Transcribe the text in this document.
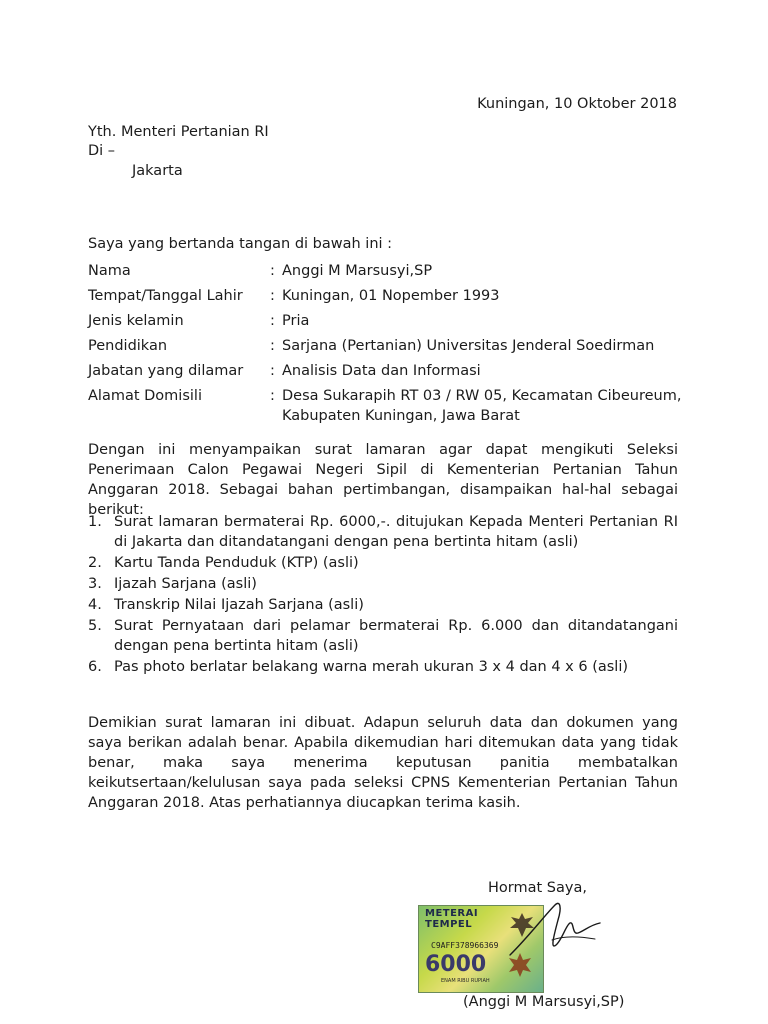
Kuningan, 10 Oktober 2018
Yth. Menteri Pertanian RI
Di –
Jakarta
Saya yang bertanda tangan di bawah ini :
Nama	: Anggi M Marsusyi,SP
Tempat/Tanggal Lahir	: Kuningan, 01 Nopember 1993
Jenis kelamin	: Pria
Pendidikan	: Sarjana (Pertanian) Universitas Jenderal Soedirman
Jabatan yang dilamar	: Analisis Data dan Informasi
Alamat Domisili	: Desa Sukarapih RT 03 / RW 05, Kecamatan Cibeureum, Kabupaten Kuningan, Jawa Barat
Dengan ini menyampaikan surat lamaran agar dapat mengikuti Seleksi Penerimaan Calon Pegawai Negeri Sipil di Kementerian Pertanian Tahun Anggaran 2018. Sebagai bahan pertimbangan, disampaikan hal-hal sebagai berikut:
1. Surat lamaran bermaterai Rp. 6000,-. ditujukan Kepada Menteri Pertanian RI di Jakarta dan ditandatangani dengan pena bertinta hitam (asli)
2. Kartu Tanda Penduduk (KTP) (asli)
3. Ijazah Sarjana (asli)
4. Transkrip Nilai Ijazah Sarjana (asli)
5. Surat Pernyataan dari pelamar bermaterai Rp. 6.000 dan ditandatangani dengan pena bertinta hitam (asli)
6. Pas photo berlatar belakang warna merah ukuran 3 x 4 dan 4 x 6 (asli)
Demikian surat lamaran ini dibuat. Adapun seluruh data dan dokumen yang saya berikan adalah benar. Apabila dikemudian hari ditemukan data yang tidak benar, maka saya menerima keputusan panitia membatalkan keikutsertaan/kelulusan saya pada seleksi CPNS Kementerian Pertanian Tahun Anggaran 2018. Atas perhatiannya diucapkan terima kasih.
Hormat Saya,
METERAI
TEMPEL
C9AFF378966369
6000
ENAM RIBU RUPIAH
(Anggi M Marsusyi,SP)
